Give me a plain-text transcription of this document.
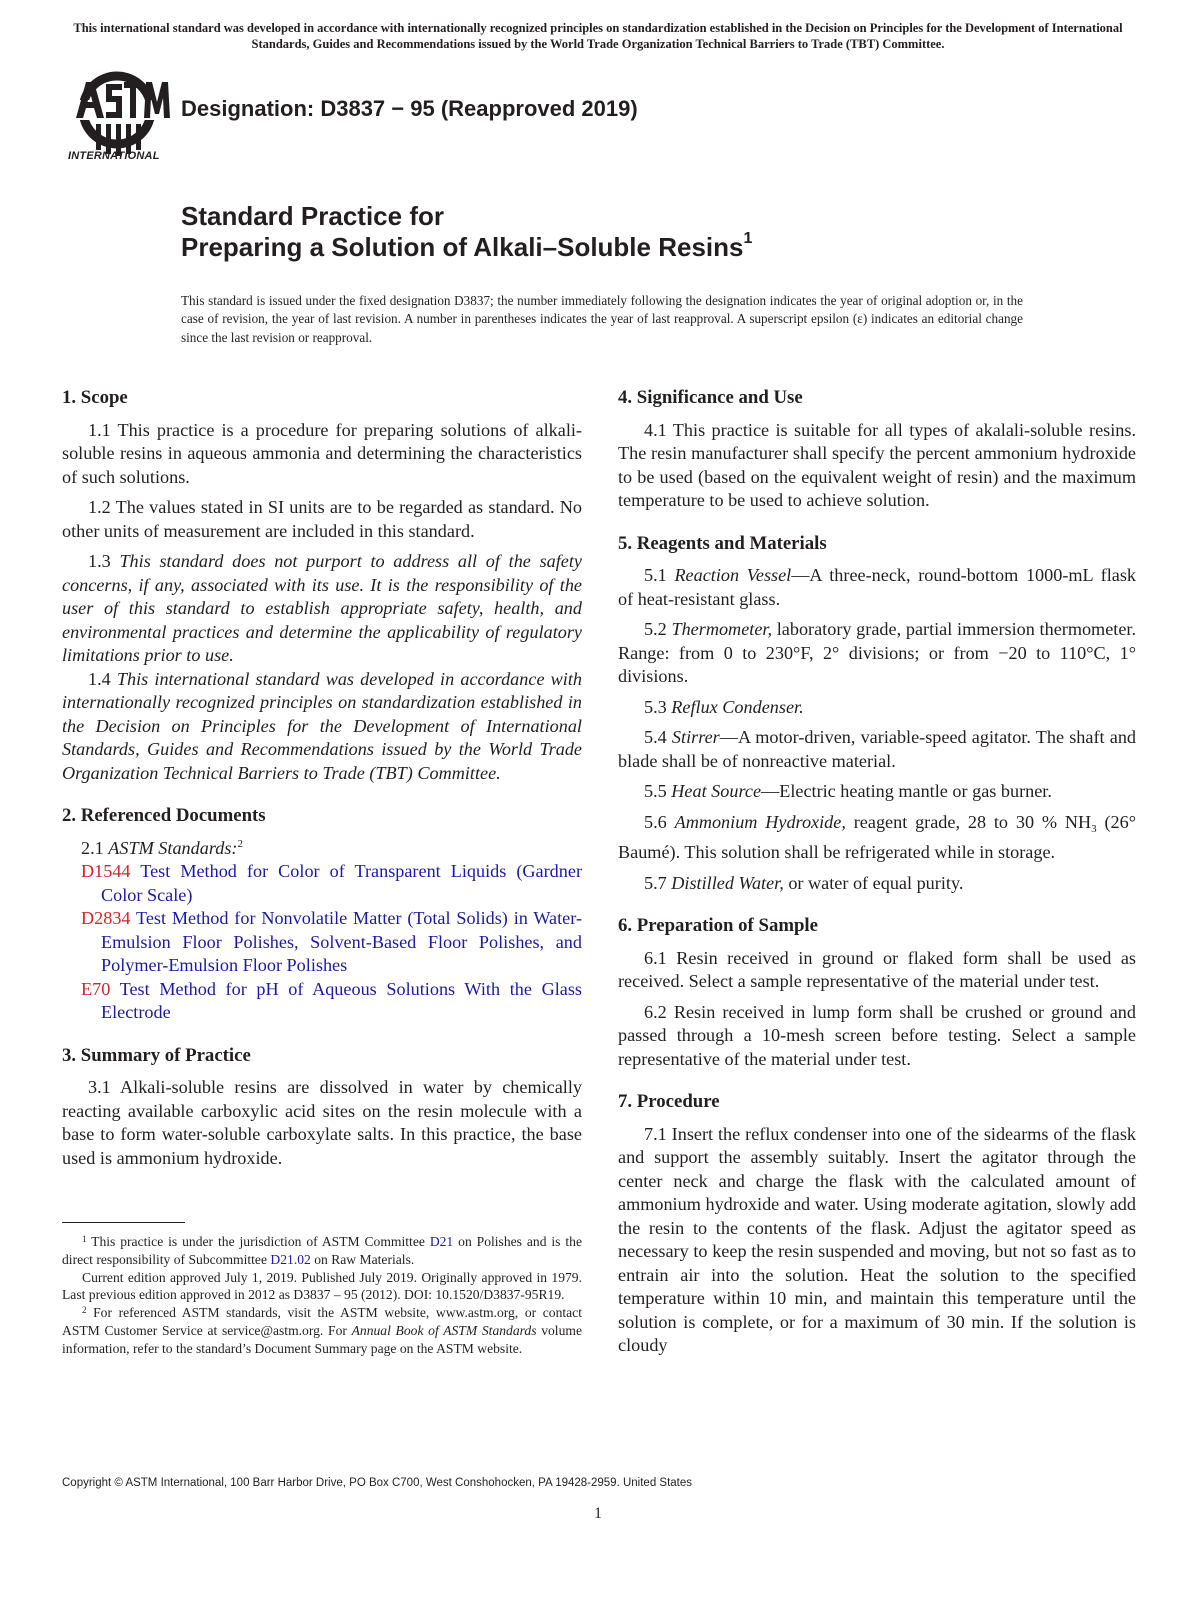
This international standard was developed in accordance with internationally recognized principles on standardization established in the Decision on Principles for the Development of International Standards, Guides and Recommendations issued by the World Trade Organization Technical Barriers to Trade (TBT) Committee.
INTERNATIONAL
Designation: D3837 − 95 (Reapproved 2019)
Standard Practice for
Preparing a Solution of Alkali–Soluble Resins$^1$
This standard is issued under the fixed designation D3837; the number immediately following the designation indicates the year of original adoption or, in the case of revision, the year of last revision. A number in parentheses indicates the year of last reapproval. A superscript epsilon (ε) indicates an editorial change since the last revision or reapproval.
1. Scope

1.1 This practice is a procedure for preparing solutions of alkali-soluble resins in aqueous ammonia and determining the characteristics of such solutions.

1.2 The values stated in SI units are to be regarded as standard. No other units of measurement are included in this standard.

1.3 This standard does not purport to address all of the safety concerns, if any, associated with its use. It is the responsibility of the user of this standard to establish appropriate safety, health, and environmental practices and determine the applicability of regulatory limitations prior to use.

1.4 This international standard was developed in accordance with internationally recognized principles on standardization established in the Decision on Principles for the Development of International Standards, Guides and Recommendations issued by the World Trade Organization Technical Barriers to Trade (TBT) Committee.

2. Referenced Documents

2.1 ASTM Standards:$^2$

D1544 Test Method for Color of Transparent Liquids (Gardner Color Scale)

D2834 Test Method for Nonvolatile Matter (Total Solids) in Water-Emulsion Floor Polishes, Solvent-Based Floor Polishes, and Polymer-Emulsion Floor Polishes

E70 Test Method for pH of Aqueous Solutions With the Glass Electrode

3. Summary of Practice

3.1 Alkali-soluble resins are dissolved in water by chemically reacting available carboxylic acid sites on the resin molecule with a base to form water-soluble carboxylate salts. In this practice, the base used is ammonium hydroxide.

4. Significance and Use

4.1 This practice is suitable for all types of akalali-soluble resins. The resin manufacturer shall specify the percent ammonium hydroxide to be used (based on the equivalent weight of resin) and the maximum temperature to be used to achieve solution.

5. Reagents and Materials

5.1 Reaction Vessel—A three-neck, round-bottom 1000-mL flask of heat-resistant glass.

5.2 Thermometer, laboratory grade, partial immersion thermometer. Range: from 0 to 230°F, 2° divisions; or from −20 to 110°C, 1° divisions.

5.3 Reflux Condenser.

5.4 Stirrer—A motor-driven, variable-speed agitator. The shaft and blade shall be of nonreactive material.

5.5 Heat Source—Electric heating mantle or gas burner.

5.6 Ammonium Hydroxide, reagent grade, 28 to 30 % $NH_3$ (26° Baumé). This solution shall be refrigerated while in storage.

5.7 Distilled Water, or water of equal purity.

6. Preparation of Sample

6.1 Resin received in ground or flaked form shall be used as received. Select a sample representative of the material under test.

6.2 Resin received in lump form shall be crushed or ground and passed through a 10-mesh screen before testing. Select a sample representative of the material under test.

7. Procedure

7.1 Insert the reflux condenser into one of the sidearms of the flask and support the assembly suitably. Insert the agitator through the center neck and charge the flask with the calculated amount of ammonium hydroxide and water. Using moderate agitation, slowly add the resin to the contents of the flask. Adjust the agitator speed as necessary to keep the resin suspended and moving, but not so fast as to entrain air into the solution. Heat the solution to the specified temperature within 10 min, and maintain this temperature until the solution is complete, or for a maximum of 30 min. If the solution is cloudy

$^1$ This practice is under the jurisdiction of ASTM Committee D21 on Polishes and is the direct responsibility of Subcommittee D21.02 on Raw Materials.

Current edition approved July 1, 2019. Published July 2019. Originally approved in 1979. Last previous edition approved in 2012 as D3837 – 95 (2012). DOI: 10.1520/D3837-95R19.

$^2$ For referenced ASTM standards, visit the ASTM website, www.astm.org, or contact ASTM Customer Service at service@astm.org. For Annual Book of ASTM Standards volume information, refer to the standard’s Document Summary page on the ASTM website.

Copyright © ASTM International, 100 Barr Harbor Drive, PO Box C700, West Conshohocken, PA 19428-2959. United States
1
